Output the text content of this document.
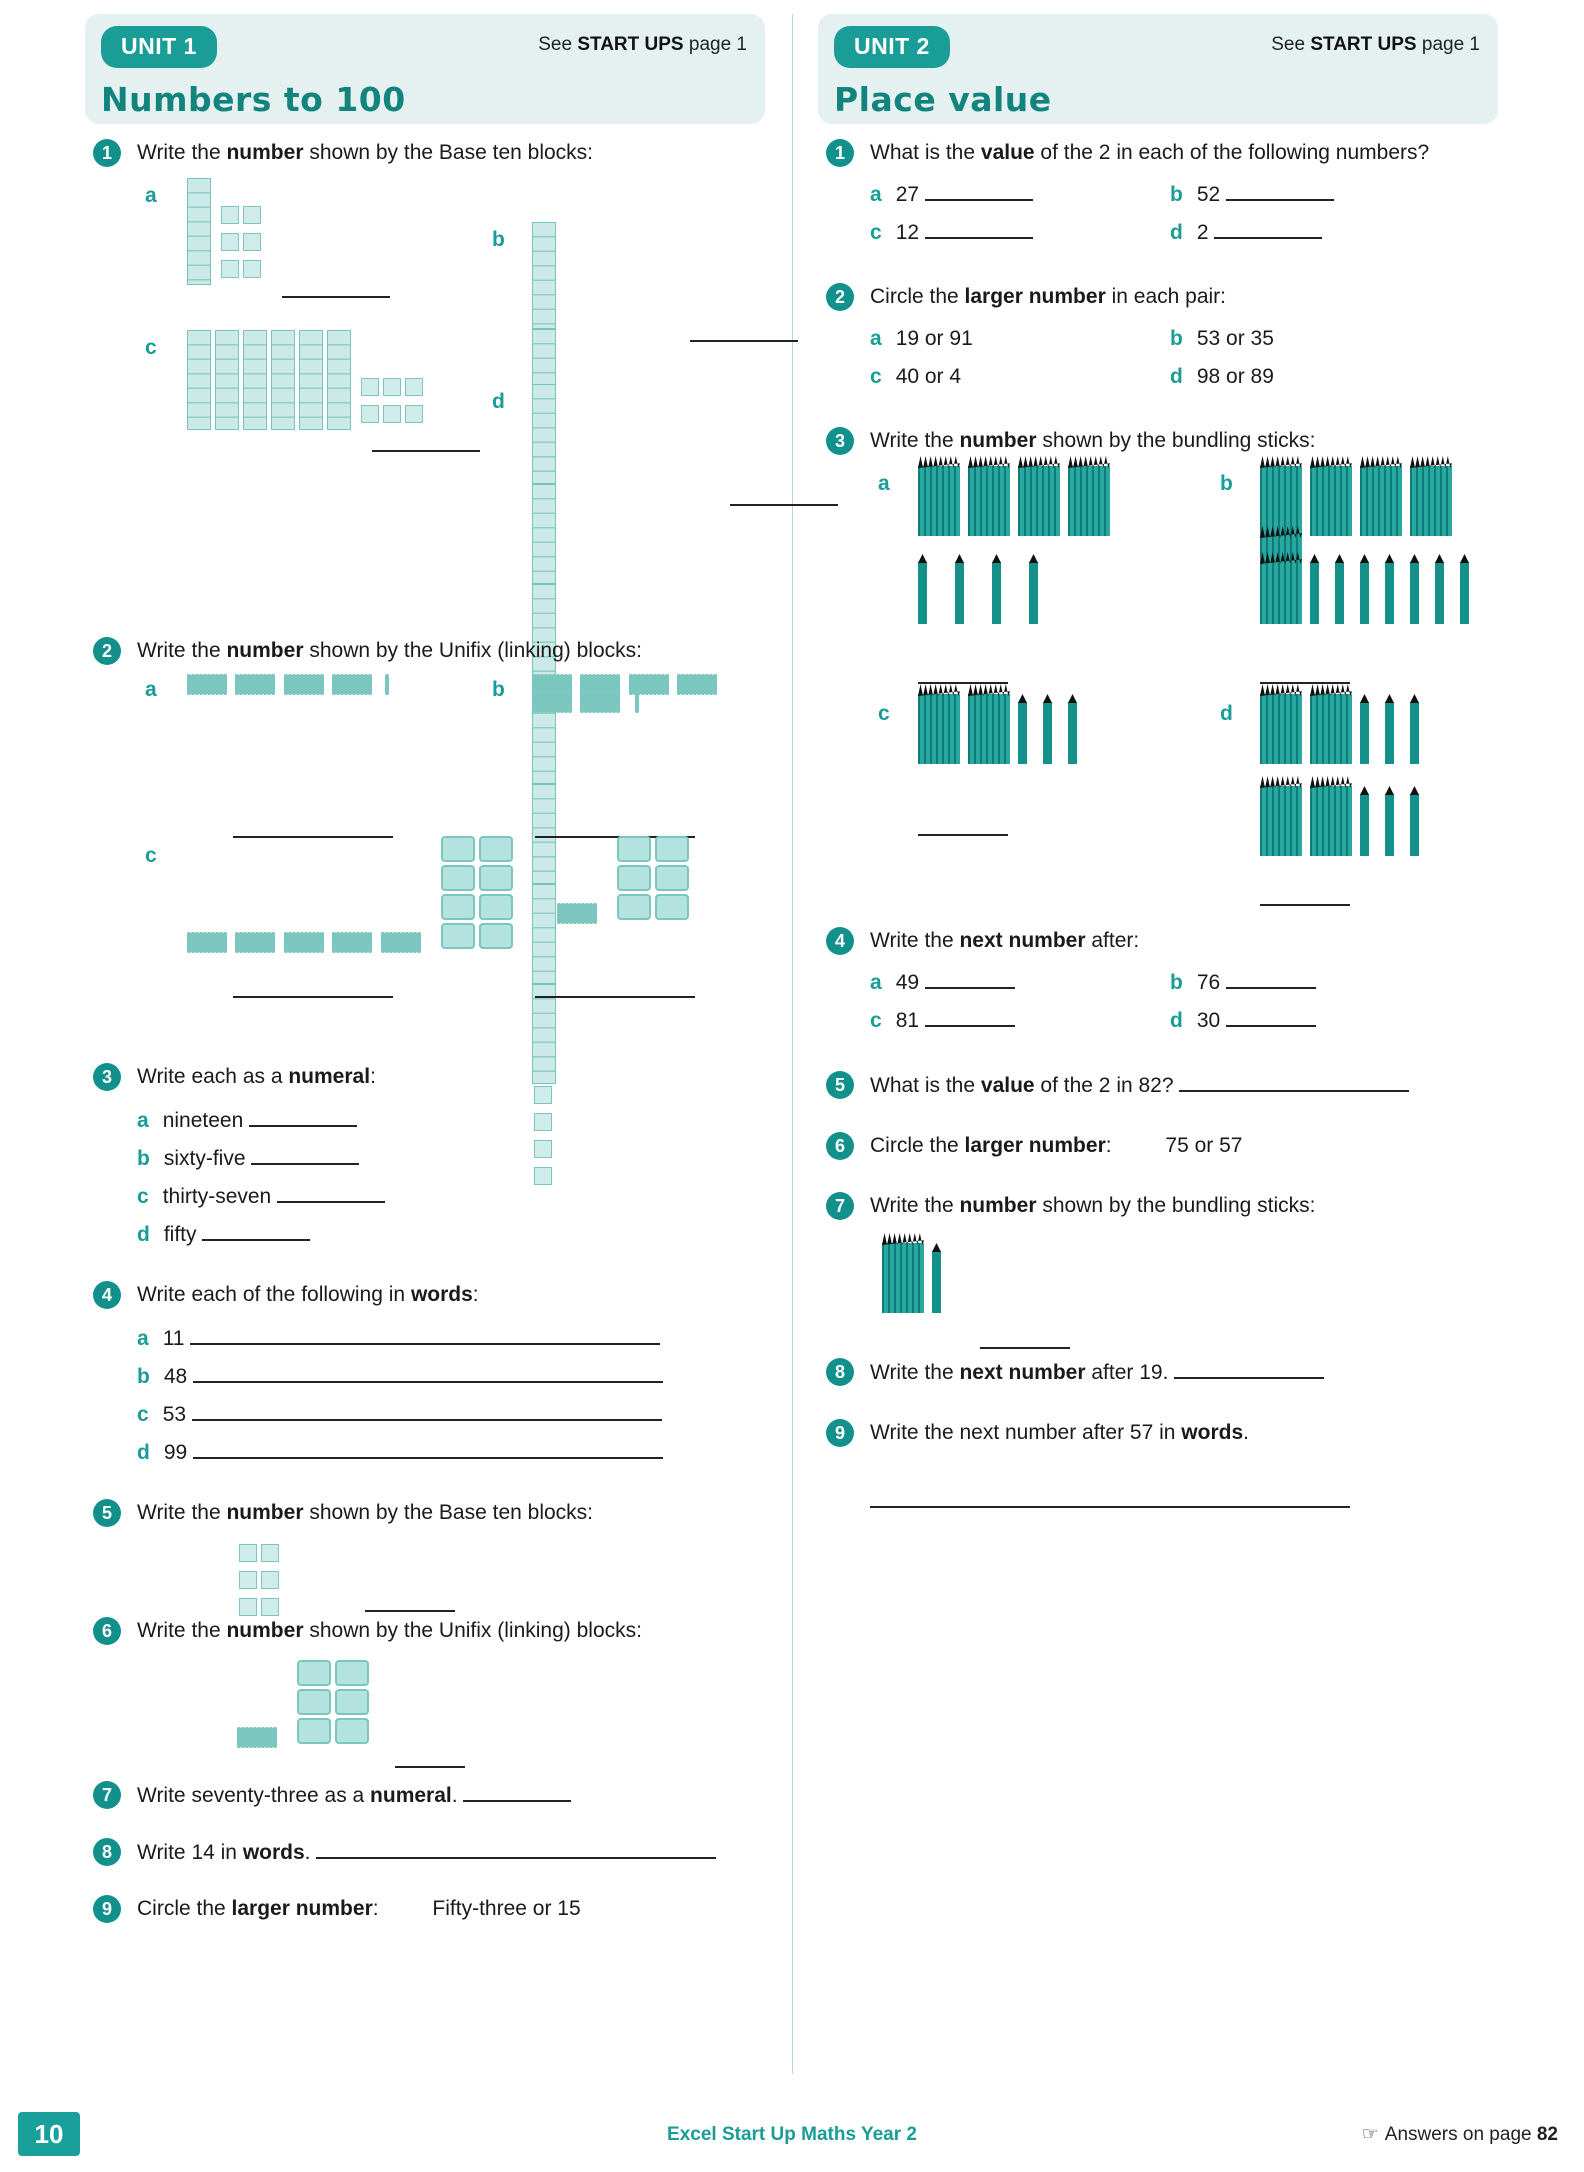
UNIT 1	See START UPS page 1
Numbers to 100
1	Write the number shown by the Base ten blocks:
a

b

c

d

2	Write the number shown by the Unifix (linking) blocks:
a
	b

c

3	Write each as a numeral:
a nineteen
b sixty-five
c thirty-seven
d fifty
4	Write each of the following in words:
a 11
b 48
c 53
d 99
5	Write the number shown by the Base ten blocks:
6	Write the number shown by the Unifix (linking) blocks:

7	Write seventy-three as a numeral.
8	Write 14 in words.
9	Circle the larger number: Fifty-three or 15
UNIT 2	See START UPS page 1
Place value
1	What is the value of the 2 in each of the following numbers?
a 27	b 52
c 12	d 2
2	Circle the larger number in each pair:
a 19 or 91	b 53 or 35
c 40 or 4	d 98 or 89
3	Write the number shown by the bundling sticks:
a	b
c	d
4	Write the next number after:
a 49	b 76
c 81	d 30
5	What is the value of the 2 in 82?
6	Circle the larger number: 75 or 57
7	Write the number shown by the bundling sticks:
8	Write the next number after 19.
9	Write the next number after 57 in words.
10	Excel Start Up Maths Year 2	☞ Answers on page 82
